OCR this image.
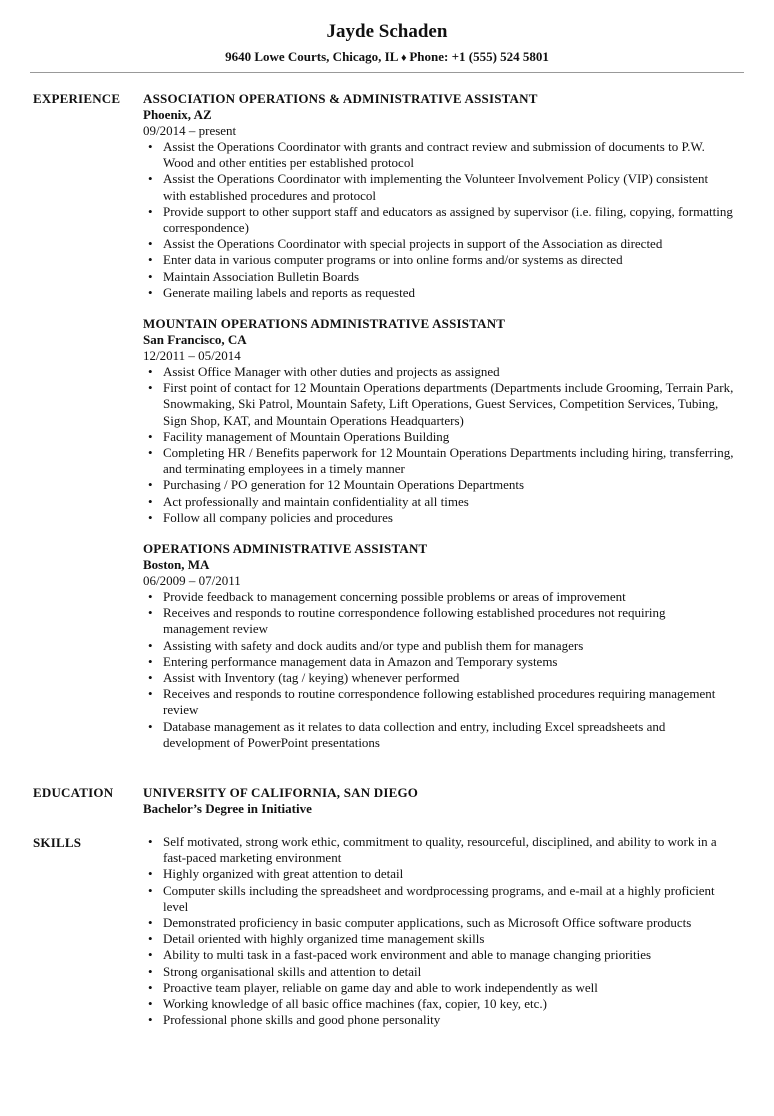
Jayde Schaden
9640 Lowe Courts, Chicago, IL ♦ Phone: +1 (555) 524 5801
EXPERIENCE ASSOCIATION OPERATIONS & ADMINISTRATIVE ASSISTANT
Phoenix, AZ
09/2014 – present
• Assist the Operations Coordinator with grants and contract review and submission of documents to P.W. Wood and other entities per established protocol
• Assist the Operations Coordinator with implementing the Volunteer Involvement Policy (VIP) consistent with established procedures and protocol
• Provide support to other support staff and educators as assigned by supervisor (i.e. filing, copying, formatting correspondence)
• Assist the Operations Coordinator with special projects in support of the Association as directed
• Enter data in various computer programs or into online forms and/or systems as directed
• Maintain Association Bulletin Boards
• Generate mailing labels and reports as requested
MOUNTAIN OPERATIONS ADMINISTRATIVE ASSISTANT
San Francisco, CA
12/2011 – 05/2014
• Assist Office Manager with other duties and projects as assigned
• First point of contact for 12 Mountain Operations departments (Departments include Grooming, Terrain Park, Snowmaking, Ski Patrol, Mountain Safety, Lift Operations, Guest Services, Competition Services, Tubing, Sign Shop, KAT, and Mountain Operations Headquarters)
• Facility management of Mountain Operations Building
• Completing HR / Benefits paperwork for 12 Mountain Operations Departments including hiring, transferring, and terminating employees in a timely manner
• Purchasing / PO generation for 12 Mountain Operations Departments
• Act professionally and maintain confidentiality at all times
• Follow all company policies and procedures
OPERATIONS ADMINISTRATIVE ASSISTANT
Boston, MA
06/2009 – 07/2011
• Provide feedback to management concerning possible problems or areas of improvement
• Receives and responds to routine correspondence following established procedures not requiring management review
• Assisting with safety and dock audits and/or type and publish them for managers
• Entering performance management data in Amazon and Temporary systems
• Assist with Inventory (tag / keying) whenever performed
• Receives and responds to routine correspondence following established procedures requiring management review
• Database management as it relates to data collection and entry, including Excel spreadsheets and development of PowerPoint presentations
EDUCATION UNIVERSITY OF CALIFORNIA, SAN DIEGO
Bachelor’s Degree in Initiative
SKILLS
•	Self motivated, strong work ethic, commitment to quality, resourceful, disciplined, and ability to work in a fast-paced marketing environment
• Highly organized with great attention to detail
• Computer skills including the spreadsheet and wordprocessing programs, and e-mail at a highly proficient level
• Demonstrated proficiency in basic computer applications, such as Microsoft Office software products
• Detail oriented with highly organized time management skills
• Ability to multi task in a fast-paced work environment and able to manage changing priorities
• Strong organisational skills and attention to detail
• Proactive team player, reliable on game day and able to work independently as well
• Working knowledge of all basic office machines (fax, copier, 10 key, etc.)
• Professional phone skills and good phone personality
